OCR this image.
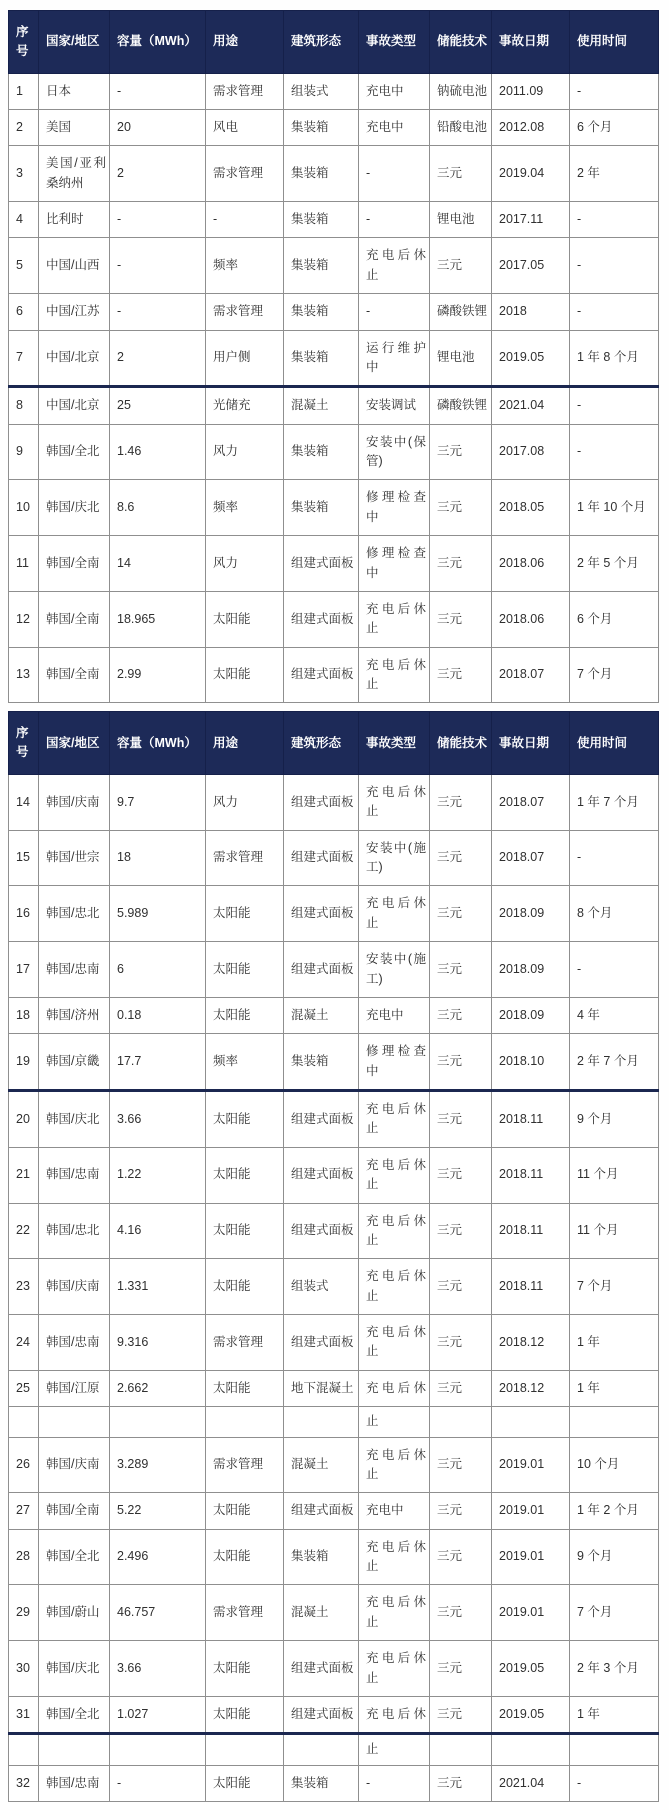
序号	国家/地区	容量（MWh）	用途	建筑形态	事故类型	储能技术	事故日期	使用时间
1	日本	-	需求管理	组装式	充电中	钠硫电池	2011.09	-
2	美国	20	风电	集装箱	充电中	铅酸电池	2012.08	6 个月
3	美国/亚利桑纳州	2	需求管理	集装箱	-	三元	2019.04	2 年
4	比利时	-	-	集装箱	-	锂电池	2017.11	-
5	中国/山西	-	频率	集装箱	充电后休止	三元	2017.05	-
6	中国/江苏	-	需求管理	集装箱	-	磷酸铁锂	2018	-
7	中国/北京	2	用户侧	集装箱	运行维护中	锂电池	2019.05	1 年 8 个月
8	中国/北京	25	光储充	混凝土	安装调试	磷酸铁锂	2021.04	-
9	韩国/全北	1.46	风力	集装箱	安装中(保管)	三元	2017.08	-
10	韩国/庆北	8.6	频率	集装箱	修理检查中	三元	2018.05	1 年 10 个月
11	韩国/全南	14	风力	组建式面板	修理检查中	三元	2018.06	2 年 5 个月
12	韩国/全南	18.965	太阳能	组建式面板	充电后休止	三元	2018.06	6 个月
13	韩国/全南	2.99	太阳能	组建式面板	充电后休止	三元	2018.07	7 个月
序号	国家/地区	容量（MWh）	用途	建筑形态	事故类型	储能技术	事故日期	使用时间
14	韩国/庆南	9.7	风力	组建式面板	充电后休止	三元	2018.07	1 年 7 个月
15	韩国/世宗	18	需求管理	组建式面板	安装中(施工)	三元	2018.07	-
16	韩国/忠北	5.989	太阳能	组建式面板	充电后休止	三元	2018.09	8 个月
17	韩国/忠南	6	太阳能	组建式面板	安装中(施工)	三元	2018.09	-
18	韩国/济州	0.18	太阳能	混凝土	充电中	三元	2018.09	4 年
19	韩国/京畿	17.7	频率	集装箱	修理检查中	三元	2018.10	2 年 7 个月
20	韩国/庆北	3.66	太阳能	组建式面板	充电后休止	三元	2018.11	9 个月
21	韩国/忠南	1.22	太阳能	组建式面板	充电后休止	三元	2018.11	11 个月
22	韩国/忠北	4.16	太阳能	组建式面板	充电后休止	三元	2018.11	11 个月
23	韩国/庆南	1.331	太阳能	组装式	充电后休止	三元	2018.11	7 个月
24	韩国/忠南	9.316	需求管理	组建式面板	充电后休止	三元	2018.12	1 年
25	韩国/江原	2.662	太阳能	地下混凝土	充电后休	三元	2018.12	1 年
					止			
26	韩国/庆南	3.289	需求管理	混凝土	充电后休止	三元	2019.01	10 个月
27	韩国/全南	5.22	太阳能	组建式面板	充电中	三元	2019.01	1 年 2 个月
28	韩国/全北	2.496	太阳能	集装箱	充电后休止	三元	2019.01	9 个月
29	韩国/蔚山	46.757	需求管理	混凝土	充电后休止	三元	2019.01	7 个月
30	韩国/庆北	3.66	太阳能	组建式面板	充电后休止	三元	2019.05	2 年 3 个月
31	韩国/全北	1.027	太阳能	组建式面板	充电后休	三元	2019.05	1 年
					止			
32	韩国/忠南	-	太阳能	集装箱	-	三元	2021.04	-
